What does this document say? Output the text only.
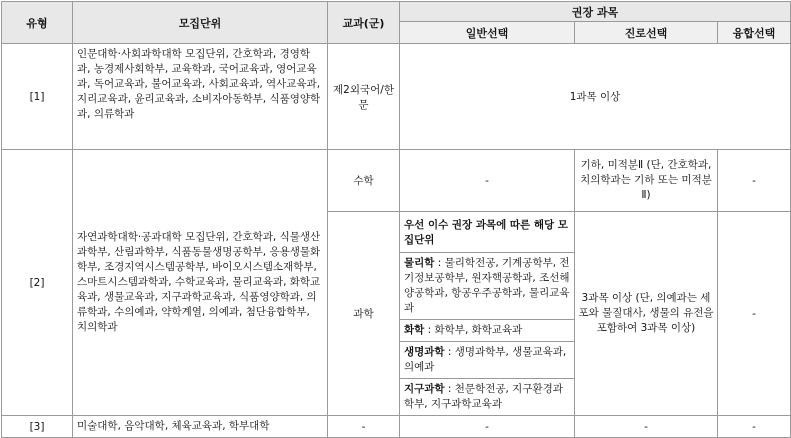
유형	모집단위	교과(군)	권장 과목		
			일반선택	진로선택	융합선택
[1]	인문대학·사회과학대학 모집단위, 간호학과, 경영학과, 농경제사회학부, 교육학과, 국어교육과, 영어교육과, 독어교육과, 불어교육과, 사회교육과, 역사교육과, 지리교육과, 윤리교육과, 소비자아동학부, 식품영양학과, 의류학과	제2외국어/한문	1과목 이상		
[2]	자연과학대학·공과대학 모집단위, 간호학과, 식물생산과학부, 산림과학부, 식품동물생명공학부, 응용생물화학부, 조경지역시스템공학부, 바이오시스템소재학부, 스마트시스템과학과, 수학교육과, 물리교육과, 화학교육과, 생물교육과, 지구과학교육과, 식품영양학과, 의류학과, 수의예과, 약학계열, 의예과, 첨단융합학부, 치의학과	수학	-	기하, 미적분Ⅱ (단, 간호학과, 치의학과는 기하 또는 미적분Ⅱ)	-
		과학	우선 이수 권장 과목에 따른 해당 모집단위
물리학 : 물리학전공, 기계공학부, 전기정보공학부, 원자핵공학과, 조선해양공학과, 항공우주공학과, 물리교육과
화학 : 화학부, 화학교육과
생명과학 : 생명과학부, 생물교육과, 의예과
지구과학 : 천문학전공, 지구환경과학부, 지구과학교육과	3과목 이상 (단, 의예과는 세포와 물질대사, 생물의 유전을 포함하여 3과목 이상)	-
[3]	미술대학, 음악대학, 체육교육과, 학부대학	-	-	-	-
